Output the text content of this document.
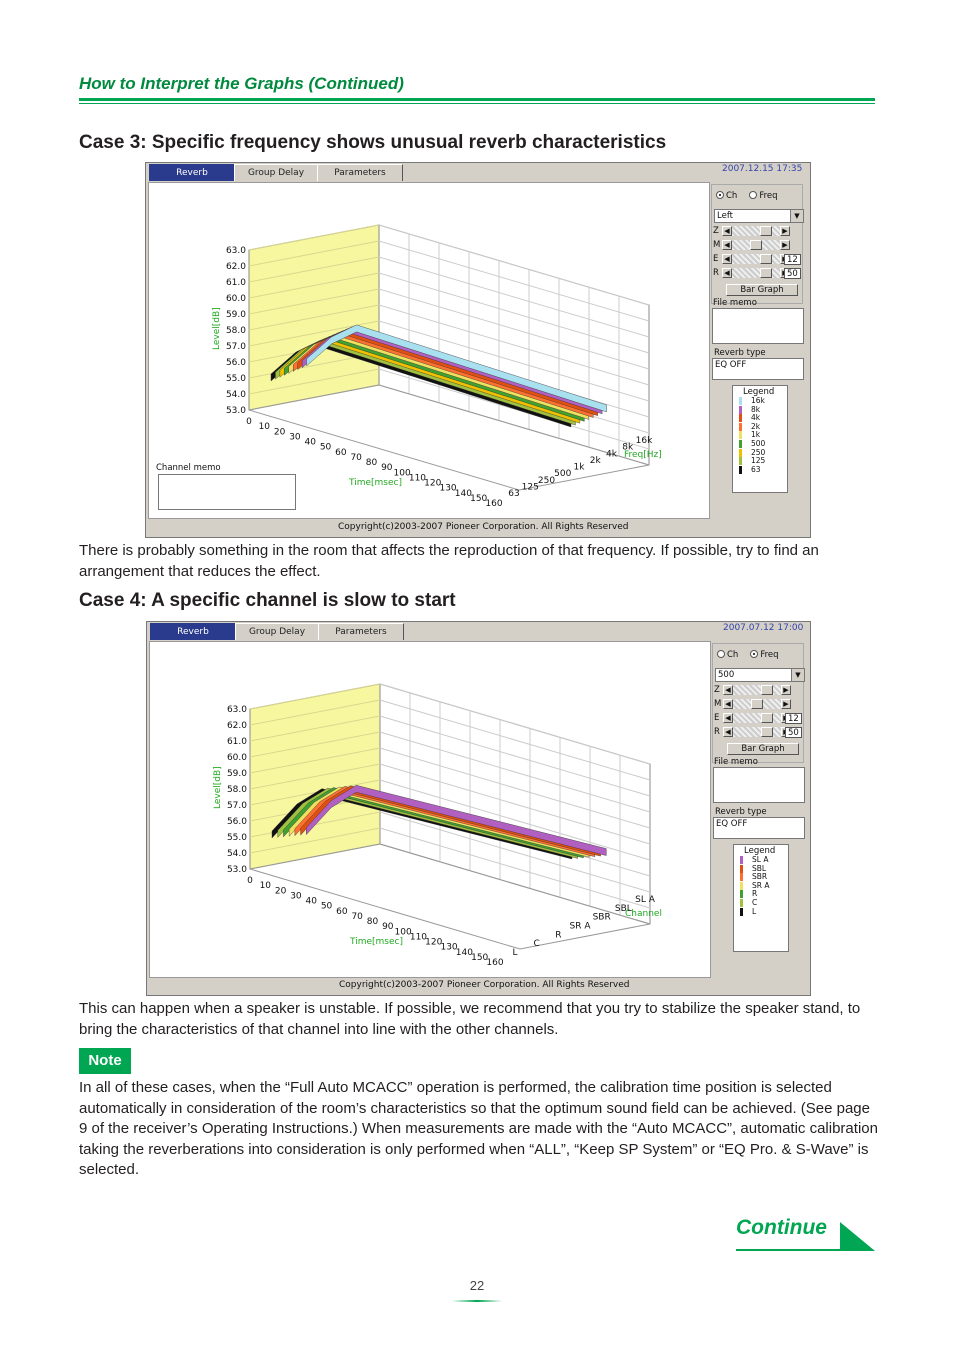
How to Interpret the Graphs (Continued)
Case 3: Specific frequency shows unusual reverb characteristics
Reverb	Group Delay	Parameters	2007.12.15 17:35
63.0
62.0
61.0
60.0
59.0
58.0
57.0
56.0
55.0
54.0
53.0
Level[dB]
0
10
20
30
40
50
60
70
80
90
100
110
120
130
140
150
160
Time[msec]
63
125
250
500
1k
2k
4k
8k
16k
Freq[Hz]
Copyright(c)2003-2007 Pioneer Corporation. All Rights Reserved
Ch	Freq
Left	▼
Z ◀	▶
M ◀	▶
E ◀	12
R ◀	50
Bar Graph
File memo
Reverb type
EQ OFF
Legend
16k
8k
4k
2k
1k
500
250
125
63
Channel memo

There is probably something in the room that affects the reproduction of that frequency. If possible, try to find an arrangement that reduces the effect.

Case 4: A specific channel is slow to start
Reverb	Group Delay	Parameters	2007.07.12 17:00
63.0
62.0
61.0
60.0
59.0
58.0
57.0
56.0
55.0
54.0
53.0
Level[dB]
0
10
20
30
40
50
60
70
80
90
100
110
120
130
140
150
160
Time[msec]
L
C
R
SR A
SBR
SBL
SL A
Channel
Copyright(c)2003-2007 Pioneer Corporation. All Rights Reserved
Ch	Freq
500	▼
Z ◀	▶
M ◀	▶
E ◀	12
R ◀	50
Bar Graph
File memo
Reverb type
EQ OFF
Legend
SL A
SBL
SBR
SR A
R
C
L

This can happen when a speaker is unstable. If possible, we recommend that you try to stabilize the speaker stand, to bring the characteristics of that channel into line with the other channels.

Note

In all of these cases, when the “Full Auto MCACC” operation is performed, the calibration time position is selected automatically in consideration of the room’s characteristics so that the optimum sound field can be achieved. (See page 9 of the receiver’s Operating Instructions.) When measurements are made with the “Auto MCACC”, automatic calibration taking the reverberations into consideration is only performed when “ALL”, “Keep SP System” or “EQ Pro. & S-Wave” is selected.

Continue
22
